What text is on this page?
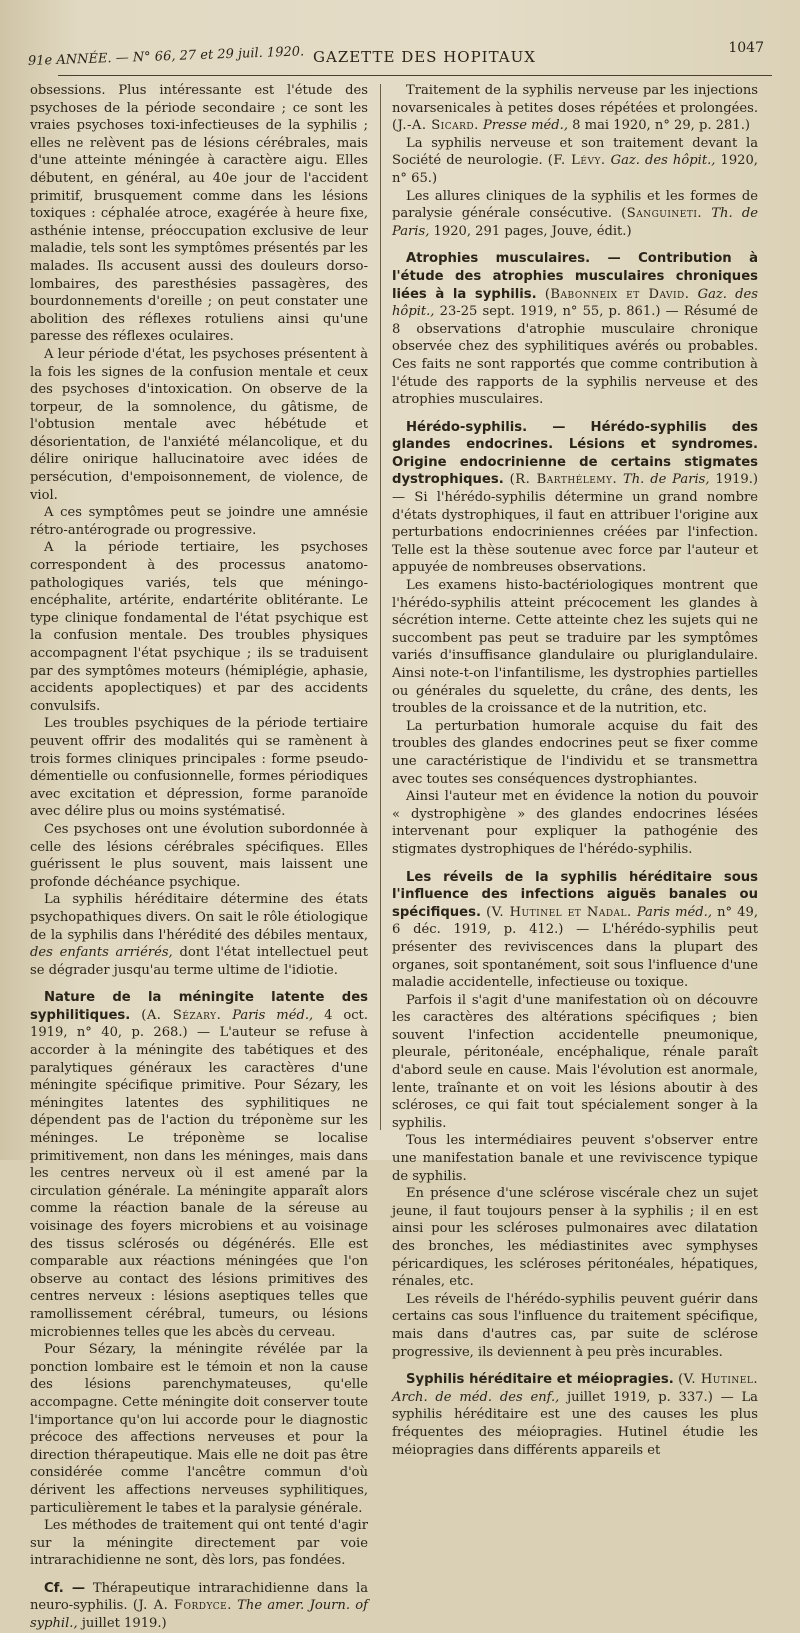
91e ANNÉE. — N° 66, 27 et 29 juil. 1920. GAZETTE DES HOPITAUX	1047

obsessions. Plus intéressante est l'étude des psychoses de la période secondaire ; ce sont les vraies psychoses toxi-infectieuses de la syphilis ; elles ne relèvent pas de lésions cérébrales, mais d'une atteinte méningée à caractère aigu. Elles débutent, en général, au 40e jour de l'accident primitif, brusquement comme dans les lésions toxiques : céphalée atroce, exagérée à heure fixe, asthénie intense, préoccupation exclusive de leur maladie, tels sont les symptômes présentés par les malades. Ils accusent aussi des douleurs dorso-lombaires, des paresthésies passagères, des bourdonnements d'oreille ; on peut constater une abolition des réflexes rotuliens ainsi qu'une paresse des réflexes oculaires.

A leur période d'état, les psychoses présentent à la fois les signes de la confusion mentale et ceux des psychoses d'intoxication. On observe de la torpeur, de la somnolence, du gâtisme, de l'obtusion mentale avec hébétude et désorientation, de l'anxiété mélancolique, et du délire onirique hallucinatoire avec idées de persécution, d'empoisonnement, de violence, de viol.

A ces symptômes peut se joindre une amnésie rétro-antérograde ou progressive.

A la période tertiaire, les psychoses correspondent à des processus anatomo-pathologiques variés, tels que méningo-encéphalite, artérite, endartérite oblitérante. Le type clinique fondamental de l'état psychique est la confusion mentale. Des troubles physiques accompagnent l'état psychique ; ils se traduisent par des symptômes moteurs (hémiplégie, aphasie, accidents apoplectiques) et par des accidents convulsifs.

Les troubles psychiques de la période tertiaire peuvent offrir des modalités qui se ramènent à trois formes cliniques principales : forme pseudo-démentielle ou confusionnelle, formes périodiques avec excitation et dépression, forme paranoïde avec délire plus ou moins systématisé.

Ces psychoses ont une évolution subordonnée à celle des lésions cérébrales spécifiques. Elles guérissent le plus souvent, mais laissent une profonde déchéance psychique.

La syphilis héréditaire détermine des états psychopathiques divers. On sait le rôle étiologique de la syphilis dans l'hérédité des débiles mentaux, des enfants arriérés, dont l'état intellectuel peut se dégrader jusqu'au terme ultime de l'idiotie.

Nature de la méningite latente des syphilitiques. (A. Sézary. Paris méd., 4 oct. 1919, n° 40, p. 268.) — L'auteur se refuse à accorder à la méningite des tabétiques et des paralytiques généraux les caractères d'une méningite spécifique primitive. Pour Sézary, les méningites latentes des syphilitiques ne dépendent pas de l'action du tréponème sur les méninges. Le tréponème se localise primitivement, non dans les méninges, mais dans les centres nerveux où il est amené par la circulation générale. La méningite apparaît alors comme la réaction banale de la séreuse au voisinage des foyers microbiens et au voisinage des tissus sclérosés ou dégénérés. Elle est comparable aux réactions méningées que l'on observe au contact des lésions primitives des centres nerveux : lésions aseptiques telles que ramollissement cérébral, tumeurs, ou lésions microbiennes telles que les abcès du cerveau.

Pour Sézary, la méningite révélée par la ponction lombaire est le témoin et non la cause des lésions parenchymateuses, qu'elle accompagne. Cette méningite doit conserver toute l'importance qu'on lui accorde pour le diagnostic précoce des affections nerveuses et pour la direction thérapeutique. Mais elle ne doit pas être considérée comme l'ancêtre commun d'où dérivent les affections nerveuses syphilitiques, particulièrement le tabes et la paralysie générale.

Les méthodes de traitement qui ont tenté d'agir sur la méningite directement par voie intrarachidienne ne sont, dès lors, pas fondées.

Cf. — Thérapeutique intrarachidienne dans la neuro-syphilis. (J. A. Fordyce. The amer. Journ. of syphil., juillet 1919.)

Traitement de la syphilis nerveuse par les injections novarsenicales à petites doses répétées et prolongées. (J.-A. Sicard. Presse méd., 8 mai 1920, n° 29, p. 281.)

La syphilis nerveuse et son traitement devant la Société de neurologie. (F. Lévy. Gaz. des hôpit., 1920, n° 65.)

Les allures cliniques de la syphilis et les formes de paralysie générale consécutive. (Sanguineti. Th. de Paris, 1920, 291 pages, Jouve, édit.)

Atrophies musculaires. — Contribution à l'étude des atrophies musculaires chroniques liées à la syphilis. (Babonneix et David. Gaz. des hôpit., 23-25 sept. 1919, n° 55, p. 861.) — Résumé de 8 observations d'atrophie musculaire chronique observée chez des syphilitiques avérés ou probables. Ces faits ne sont rapportés que comme contribution à l'étude des rapports de la syphilis nerveuse et des atrophies musculaires.

Hérédo-syphilis. — Hérédo-syphilis des glandes endocrines. Lésions et syndromes. Origine endocrinienne de certains stigmates dystrophiques. (R. Barthélemy. Th. de Paris, 1919.) — Si l'hérédo-syphilis détermine un grand nombre d'états dystrophiques, il faut en attribuer l'origine aux perturbations endocriniennes créées par l'infection. Telle est la thèse soutenue avec force par l'auteur et appuyée de nombreuses observations.

Les examens histo-bactériologiques montrent que l'hérédo-syphilis atteint précocement les glandes à sécrétion interne. Cette atteinte chez les sujets qui ne succombent pas peut se traduire par les symptômes variés d'insuffisance glandulaire ou pluriglandulaire. Ainsi note-t-on l'infantilisme, les dystrophies partielles ou générales du squelette, du crâne, des dents, les troubles de la croissance et de la nutrition, etc.

La perturbation humorale acquise du fait des troubles des glandes endocrines peut se fixer comme une caractéristique de l'individu et se transmettra avec toutes ses conséquences dystrophiantes.

Ainsi l'auteur met en évidence la notion du pouvoir « dystrophigène » des glandes endocrines lésées intervenant pour expliquer la pathogénie des stigmates dystrophiques de l'hérédo-syphilis.

Les réveils de la syphilis héréditaire sous l'influence des infections aiguës banales ou spécifiques. (V. Hutinel et Nadal. Paris méd., n° 49, 6 déc. 1919, p. 412.) — L'hérédo-syphilis peut présenter des reviviscences dans la plupart des organes, soit spontanément, soit sous l'influence d'une maladie accidentelle, infectieuse ou toxique.

Parfois il s'agit d'une manifestation où on découvre les caractères des altérations spécifiques ; bien souvent l'infection accidentelle pneumonique, pleurale, péritonéale, encéphalique, rénale paraît d'abord seule en cause. Mais l'évolution est anormale, lente, traînante et on voit les lésions aboutir à des scléroses, ce qui fait tout spécialement songer à la syphilis.

Tous les intermédiaires peuvent s'observer entre une manifestation banale et une reviviscence typique de syphilis.

En présence d'une sclérose viscérale chez un sujet jeune, il faut toujours penser à la syphilis ; il en est ainsi pour les scléroses pulmonaires avec dilatation des bronches, les médiastinites avec symphyses péricardiques, les scléroses péritonéales, hépatiques, rénales, etc.

Les réveils de l'hérédo-syphilis peuvent guérir dans certains cas sous l'influence du traitement spécifique, mais dans d'autres cas, par suite de sclérose progressive, ils deviennent à peu près incurables.

Syphilis héréditaire et méiopragies. (V. Hutinel. Arch. de méd. des enf., juillet 1919, p. 337.) — La syphilis héréditaire est une des causes les plus fréquentes des méiopragies. Hutinel étudie les méiopragies dans différents appareils et
